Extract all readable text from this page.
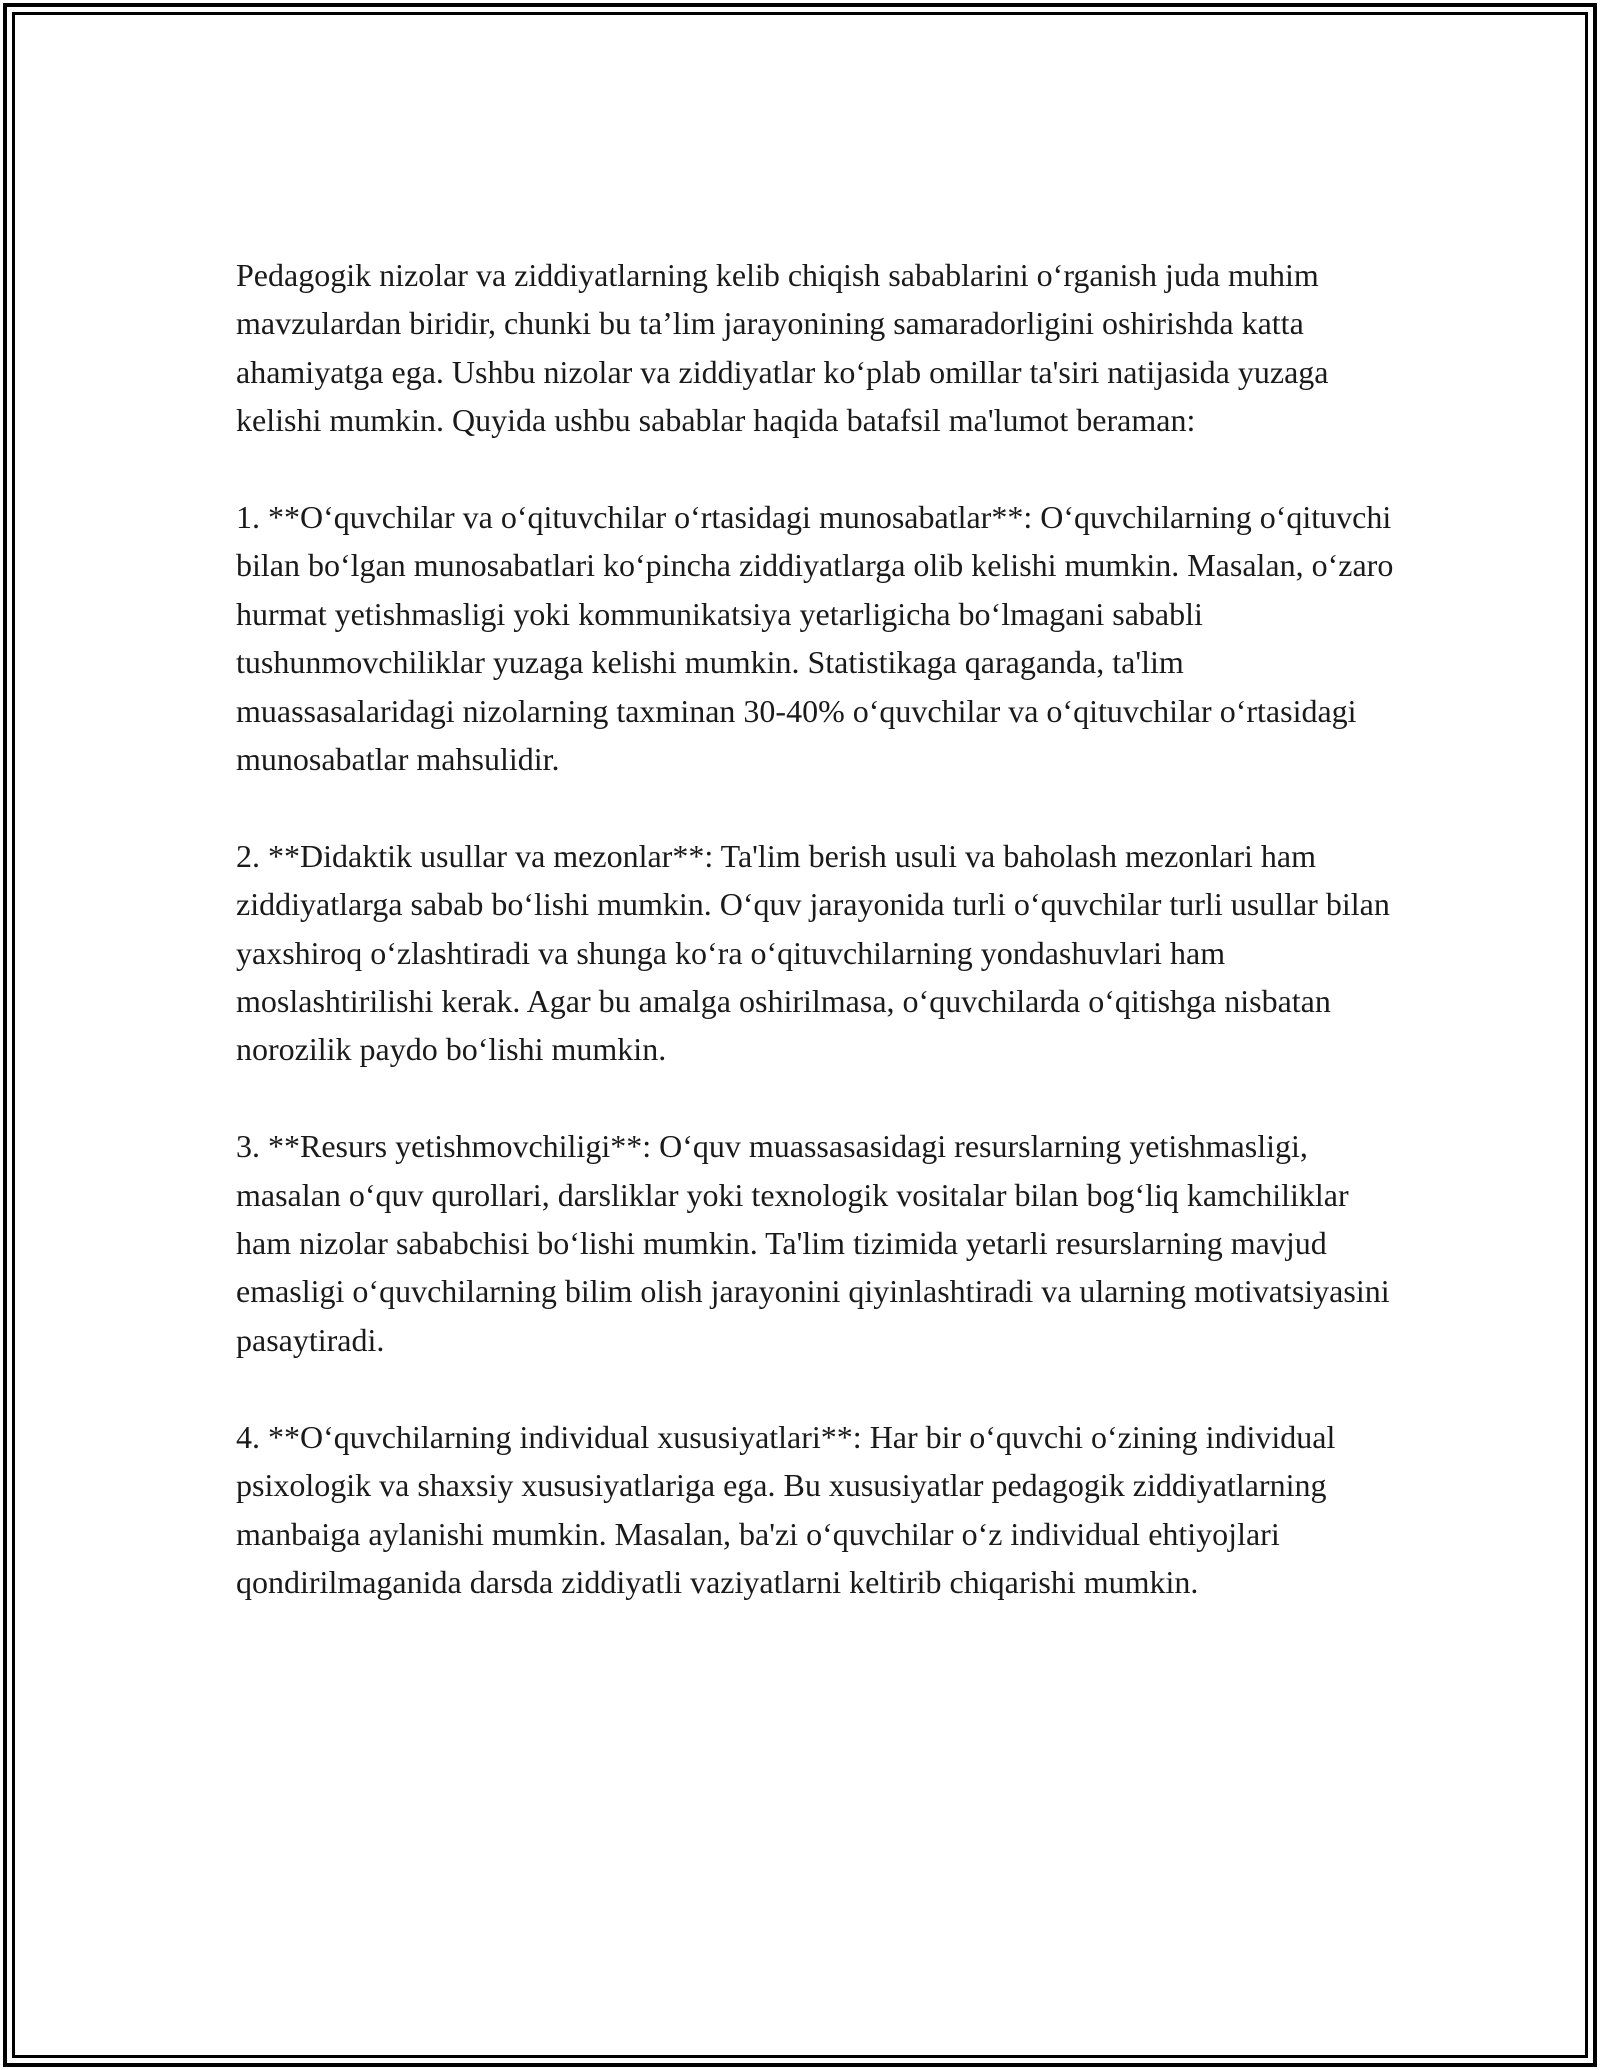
Pedagogik nizolar va ziddiyatlarning kelib chiqish sabablarini oʻrganish juda muhim mavzulardan biridir, chunki bu taʼlim jarayonining samaradorligini oshirishda katta ahamiyatga ega. Ushbu nizolar va ziddiyatlar koʻplab omillar ta'siri natijasida yuzaga kelishi mumkin. Quyida ushbu sabablar haqida batafsil ma'lumot beraman:

1. **Oʻquvchilar va oʻqituvchilar oʻrtasidagi munosabatlar**: Oʻquvchilarning oʻqituvchi bilan boʻlgan munosabatlari koʻpincha ziddiyatlarga olib kelishi mumkin. Masalan, oʻzaro hurmat yetishmasligi yoki kommunikatsiya yetarligicha boʻlmagani sababli tushunmovchiliklar yuzaga kelishi mumkin. Statistikaga qaraganda, ta'lim muassasalaridagi nizolarning taxminan 30-40% oʻquvchilar va oʻqituvchilar oʻrtasidagi munosabatlar mahsulidir.

2. **Didaktik usullar va mezonlar**: Ta'lim berish usuli va baholash mezonlari ham ziddiyatlarga sabab boʻlishi mumkin. Oʻquv jarayonida turli oʻquvchilar turli usullar bilan yaxshiroq oʻzlashtiradi va shunga koʻra oʻqituvchilarning yondashuvlari ham moslashtirilishi kerak. Agar bu amalga oshirilmasa, oʻquvchilarda oʻqitishga nisbatan norozilik paydo boʻlishi mumkin.

3. **Resurs yetishmovchiligi**: Oʻquv muassasasidagi resurslarning yetishmasligi, masalan oʻquv qurollari, darsliklar yoki texnologik vositalar bilan bogʻliq kamchiliklar ham nizolar sababchisi boʻlishi mumkin. Ta'lim tizimida yetarli resurslarning mavjud emasligi oʻquvchilarning bilim olish jarayonini qiyinlashtiradi va ularning motivatsiyasini pasaytiradi.

4. **Oʻquvchilarning individual xususiyatlari**: Har bir oʻquvchi oʻzining individual psixologik va shaxsiy xususiyatlariga ega. Bu xususiyatlar pedagogik ziddiyatlarning manbaiga aylanishi mumkin. Masalan, ba'zi oʻquvchilar oʻz individual ehtiyojlari qondirilmaganida darsda ziddiyatli vaziyatlarni keltirib chiqarishi mumkin.
